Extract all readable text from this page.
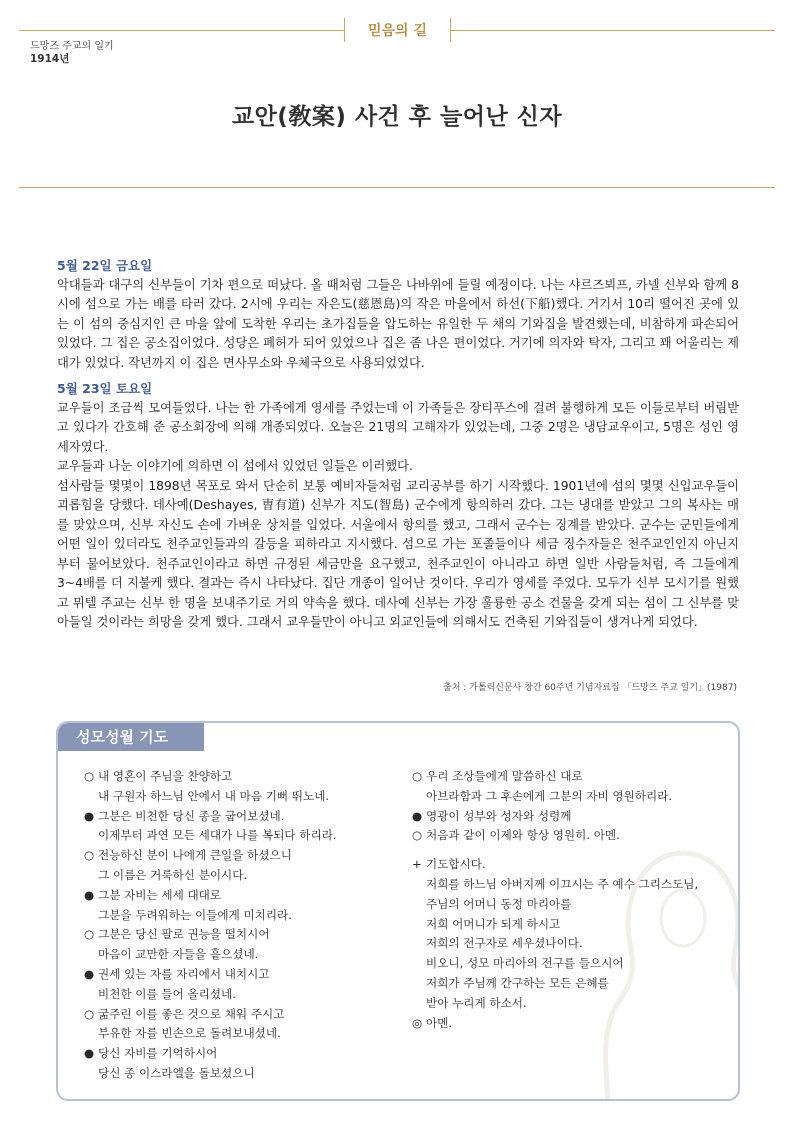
믿음의 길
드망즈 주교의 일기
1914년
교안(敎案) 사건 후 늘어난 신자
5월 22일 금요일

악대들과 대구의 신부들이 기차 편으로 떠났다. 올 때처럼 그들은 나바위에 들릴 예정이다. 나는 샤르즈뵈프, 카넬 신부와 함께 8시에 섬으로 가는 배를 타러 갔다. 2시에 우리는 자은도(慈恩島)의 작은 마을에서 하선(下船)했다. 거기서 10리 떨어진 곳에 있는 이 섬의 중심지인 큰 마을 앞에 도착한 우리는 초가집들을 압도하는 유일한 두 채의 기와집을 발견했는데, 비참하게 파손되어 있었다. 그 집은 공소집이었다. 성당은 폐허가 되어 있었으나 집은 좀 나은 편이었다. 거기에 의자와 탁자, 그리고 꽤 어울리는 제대가 있었다. 작년까지 이 집은 면사무소와 우체국으로 사용되었었다.

5월 23일 토요일

교우들이 조금씩 모여들었다. 나는 한 가족에게 영세를 주었는데 이 가족들은 장티푸스에 걸려 불행하게 모든 이들로부터 버림받고 있다가 간호해 준 공소회장에 의해 개종되었다. 오늘은 21명의 고해자가 있었는데, 그중 2명은 냉담교우이고, 5명은 성인 영세자였다.

교우들과 나눈 이야기에 의하면 이 섬에서 있었던 일들은 이러했다.

섬사람들 몇몇이 1898년 목포로 와서 단순히 보통 예비자들처럼 교리공부를 하기 시작했다. 1901년에 섬의 몇몇 신입교우들이 괴롭힘을 당했다. 데사예(Deshayes, 曺有道) 신부가 지도(智島) 군수에게 항의하러 갔다. 그는 냉대를 받았고 그의 복사는 매를 맞았으며, 신부 자신도 손에 가벼운 상처를 입었다. 서울에서 항의를 했고, 그래서 군수는 징계를 받았다. 군수는 군민들에게 어떤 일이 있더라도 천주교인들과의 갈등을 피하라고 지시했다. 섬으로 가는 포졸들이나 세금 징수자들은 천주교인인지 아닌지부터 물어보았다. 천주교인이라고 하면 규정된 세금만을 요구했고, 천주교인이 아니라고 하면 일반 사람들처럼, 즉 그들에게 3~4배를 더 지불케 했다. 결과는 즉시 나타났다. 집단 개종이 일어난 것이다. 우리가 영세를 주었다. 모두가 신부 모시기를 원했고 뮈텔 주교는 신부 한 명을 보내주기로 거의 약속을 했다. 데사예 신부는 가장 훌륭한 공소 건물을 갖게 되는 섬이 그 신부를 맞아들일 것이라는 희망을 갖게 했다. 그래서 교우들만이 아니고 외교인들에 의해서도 건축된 기와집들이 생겨나게 되었다.

출처 : 가톨릭신문사 창간 60주년 기념자료집 「드망즈 주교 일기」(1987)
성모성월 기도
○ 내 영혼이 주님을 찬양하고
내 구원자 하느님 안에서 내 마음 기뻐 뛰노네.
● 그분은 비천한 당신 종을 굽어보셨네.
이제부터 과연 모든 세대가 나를 복되다 하리라.
○ 전능하신 분이 나에게 큰일을 하셨으니
그 이름은 거룩하신 분이시다.
● 그분 자비는 세세 대대로
그분을 두려워하는 이들에게 미치리라.
○ 그분은 당신 팔로 권능을 떨치시어
마음이 교만한 자들을 흩으셨네.
● 권세 있는 자를 자리에서 내치시고
비천한 이를 들어 올리셨네.
○ 굶주린 이를 좋은 것으로 채워 주시고
부유한 자를 빈손으로 돌려보내셨네.
● 당신 자비를 기억하시어
당신 종 이스라엘을 돌보셨으니
○ 우리 조상들에게 말씀하신 대로
아브라함과 그 후손에게 그분의 자비 영원하리라.
● 영광이 성부와 성자와 성령께
○ 처음과 같이 이제와 항상 영원히. 아멘.
+ 기도합시다.
저희를 하느님 아버지께 이끄시는 주 예수 그리스도님,
주님의 어머니 동정 마리아를
저희 어머니가 되게 하시고
저희의 전구자로 세우셨나이다.
비오니, 성모 마리아의 전구를 들으시어
저희가 주님께 간구하는 모든 은혜를
받아 누리게 하소서.
◎ 아멘.
